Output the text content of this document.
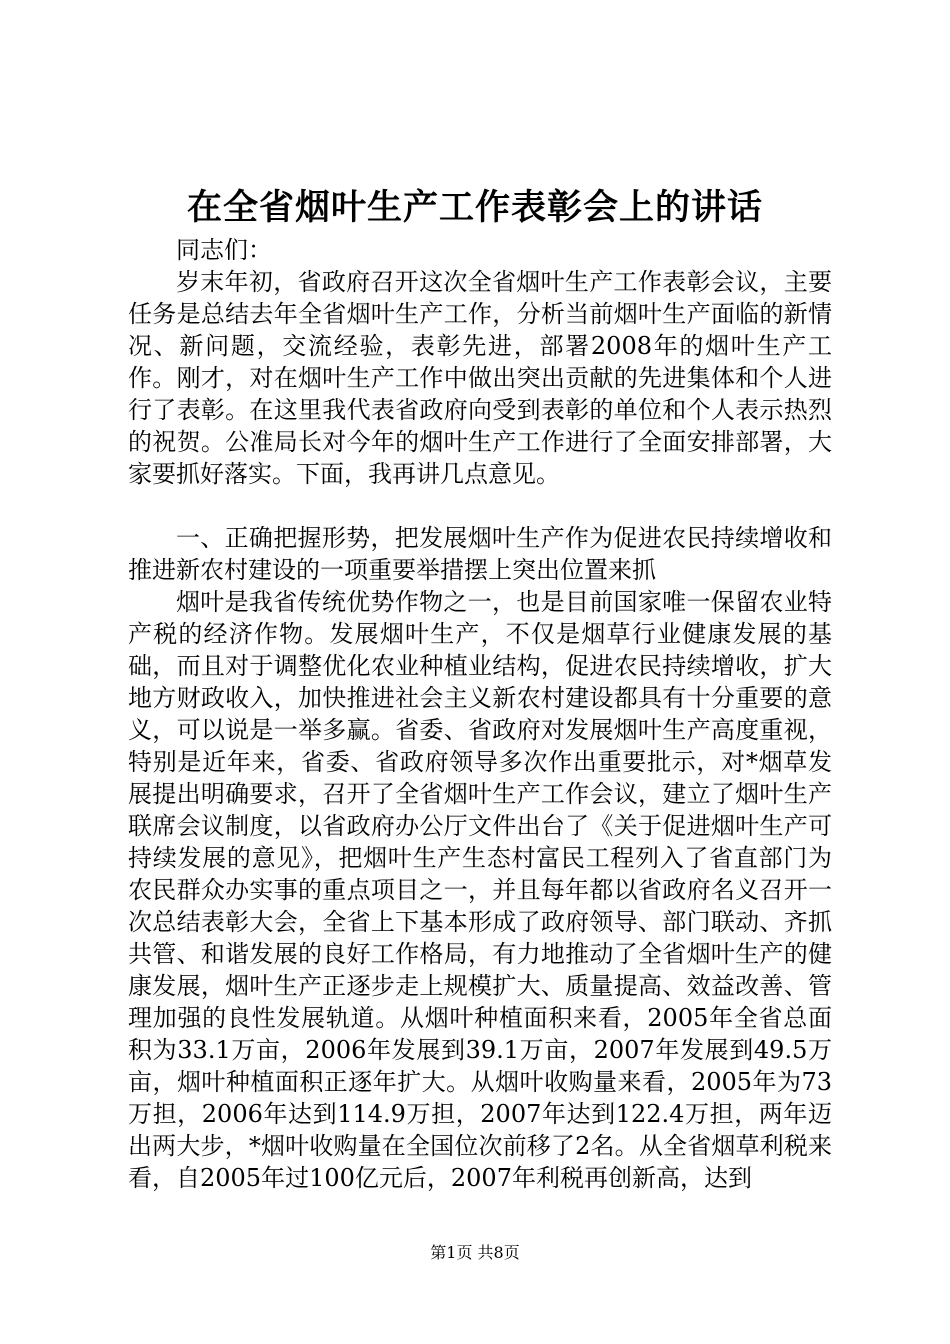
在全省烟叶生产工作表彰会上的讲话

同志们：

岁末年初，省政府召开这次全省烟叶生产工作表彰会议，主要任务是总结去年全省烟叶生产工作，分析当前烟叶生产面临的新情况、新问题，交流经验，表彰先进，部署2008年的烟叶生产工作。刚才，对在烟叶生产工作中做出突出贡献的先进集体和个人进行了表彰。在这里我代表省政府向受到表彰的单位和个人表示热烈的祝贺。公准局长对今年的烟叶生产工作进行了全面安排部署，大家要抓好落实。下面，我再讲几点意见。

一、正确把握形势，把发展烟叶生产作为促进农民持续增收和推进新农村建设的一项重要举措摆上突出位置来抓

烟叶是我省传统优势作物之一，也是目前国家唯一保留农业特产税的经济作物。发展烟叶生产，不仅是烟草行业健康发展的基础，而且对于调整优化农业种植业结构，促进农民持续增收，扩大地方财政收入，加快推进社会主义新农村建设都具有十分重要的意义，可以说是一举多赢。省委、省政府对发展烟叶生产高度重视，特别是近年来，省委、省政府领导多次作出重要批示，对*烟草发展提出明确要求，召开了全省烟叶生产工作会议，建立了烟叶生产联席会议制度，以省政府办公厅文件出台了《关于促进烟叶生产可持续发展的意见》，把烟叶生产生态村富民工程列入了省直部门为农民群众办实事的重点项目之一，并且每年都以省政府名义召开一次总结表彰大会，全省上下基本形成了政府领导、部门联动、齐抓共管、和谐发展的良好工作格局，有力地推动了全省烟叶生产的健康发展，烟叶生产正逐步走上规模扩大、质量提高、效益改善、管理加强的良性发展轨道。从烟叶种植面积来看，2005年全省总面积为33.1万亩，2006年发展到39.1万亩，2007年发展到49.5万亩，烟叶种植面积正逐年扩大。从烟叶收购量来看，2005年为73万担，2006年达到114.9万担，2007年达到122.4万担，两年迈出两大步，*烟叶收购量在全国位次前移了2名。从全省烟草利税来看，自2005年过100亿元后，2007年利税再创新高，达到

第1页 共8页
